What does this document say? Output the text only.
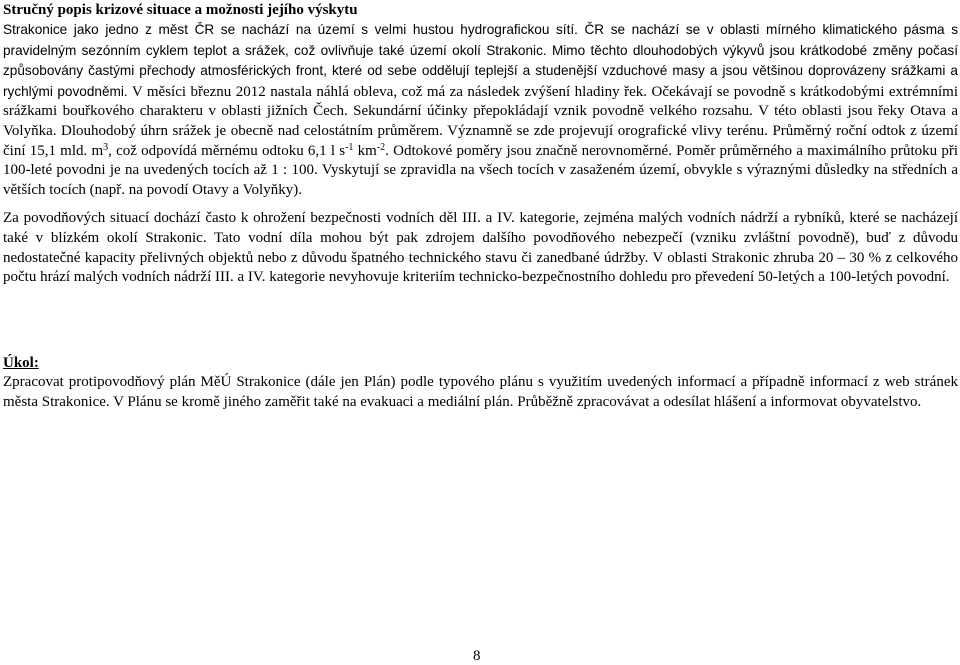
Stručný popis krizové situace a možnosti jejího výskytu

Strakonice jako jedno z měst ČR se nachází na území s velmi hustou hydrografickou sítí. ČR se nachází se v oblasti mírného klimatického pásma s pravidelným sezónním cyklem teplot a srážek, což ovlivňuje také území okolí Strakonic. Mimo těchto dlouhodobých výkyvů jsou krátkodobé změny počasí způsobovány častými přechody atmosférických front, které od sebe oddělují teplejší a studenější vzduchové masy a jsou většinou doprovázeny srážkami a rychlými povodněmi. V měsíci březnu 2012 nastala náhlá obleva, což má za následek zvýšení hladiny řek. Očekávají se povodně s krátkodobými extrémními srážkami bouřkového charakteru v oblasti jižních Čech. Sekundární účinky přepokládají vznik povodně velkého rozsahu. V této oblasti jsou řeky Otava a Volyňka. Dlouhodobý úhrn srážek je obecně nad celostátním průměrem. Významně se zde projevují orografické vlivy terénu. Průměrný roční odtok z území činí 15,1 mld. $m^3$, což odpovídá měrnému odtoku 6,1 l $s^{-1}$ $km^{-2}$. Odtokové poměry jsou značně nerovnoměrné. Poměr průměrného a maximálního průtoku při 100-leté povodni je na uvedených tocích až 1 : 100. Vyskytují se zpravidla na všech tocích v zasaženém území, obvykle s výraznými důsledky na středních a větších tocích (např. na povodí Otavy a Volyňky).

Za povodňových situací dochází často k ohrožení bezpečnosti vodních děl III. a IV. kategorie, zejména malých vodních nádrží a rybníků, které se nacházejí také v blízkém okolí Strakonic. Tato vodní díla mohou být pak zdrojem dalšího povodňového nebezpečí (vzniku zvláštní povodně), buď z důvodu nedostatečné kapacity přelivných objektů nebo z důvodu špatného technického stavu či zanedbané údržby. V oblasti Strakonic zhruba 20 – 30 % z celkového počtu hrází malých vodních nádrží III. a IV. kategorie nevyhovuje kriteriím technicko-bezpečnostního dohledu pro převedení 50-letých a 100-letých povodní.

Úkol:

Zpracovat protipovodňový plán MěÚ Strakonice (dále jen Plán) podle typového plánu s využitím uvedených informací a případně informací z web stránek města Strakonice. V Plánu se kromě jiného zaměřit také na evakuaci a mediální plán. Průběžně zpracovávat a odesílat hlášení a informovat obyvatelstvo.

8
